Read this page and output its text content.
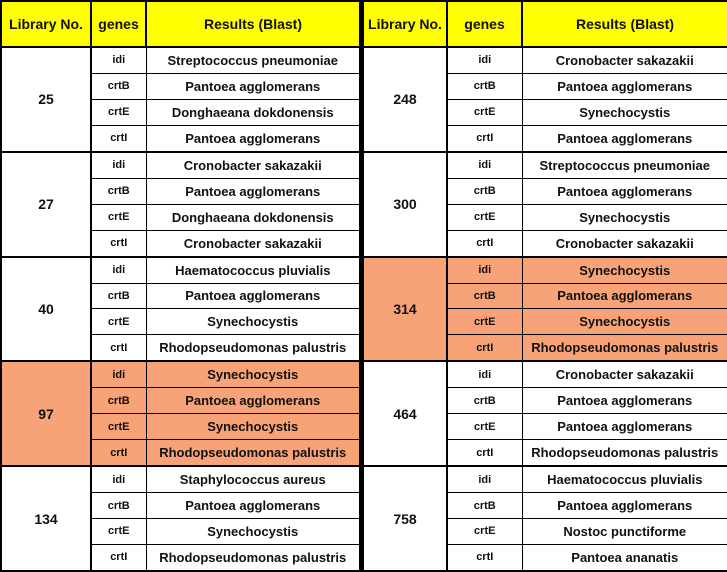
Library No.	genes	Results (Blast)
25	idi	Streptococcus pneumoniae
	crtB	Pantoea agglomerans
	crtE	Donghaeana dokdonensis
	crtI	Pantoea agglomerans
27	idi	Cronobacter sakazakii
	crtB	Pantoea agglomerans
	crtE	Donghaeana dokdonensis
	crtI	Cronobacter sakazakii
40	idi	Haematococcus pluvialis
	crtB	Pantoea agglomerans
	crtE	Synechocystis
	crtI	Rhodopseudomonas palustris
97	idi	Synechocystis
	crtB	Pantoea agglomerans
	crtE	Synechocystis
	crtI	Rhodopseudomonas palustris
134	idi	Staphylococcus aureus
	crtB	Pantoea agglomerans
	crtE	Synechocystis
	crtI	Rhodopseudomonas palustris
Library No.	genes	Results (Blast)
248	idi	Cronobacter sakazakii
	crtB	Pantoea agglomerans
	crtE	Synechocystis
	crtI	Pantoea agglomerans
300	idi	Streptococcus pneumoniae
	crtB	Pantoea agglomerans
	crtE	Synechocystis
	crtI	Cronobacter sakazakii
314	idi	Synechocystis
	crtB	Pantoea agglomerans
	crtE	Synechocystis
	crtI	Rhodopseudomonas palustris
464	idi	Cronobacter sakazakii
	crtB	Pantoea agglomerans
	crtE	Pantoea agglomerans
	crtI	Rhodopseudomonas palustris
758	idi	Haematococcus pluvialis
	crtB	Pantoea agglomerans
	crtE	Nostoc punctiforme
	crtI	Pantoea ananatis
